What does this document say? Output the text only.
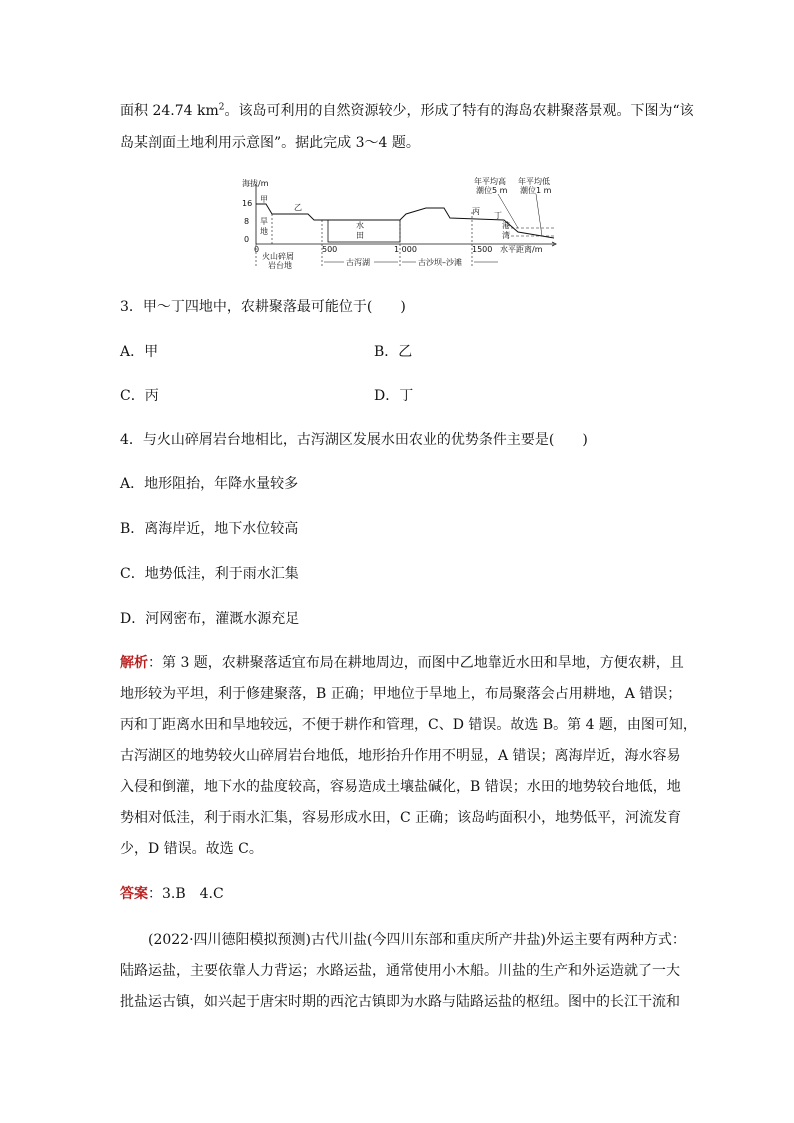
面积 24.74 $km^2$。该岛可利用的自然资源较少，形成了特有的海岛农耕聚落景观。下图为“该
岛某剖面土地利用示意图”。据此完成 3～4 题。
海拔/m
16
8
0
水
田
旱
地
甲
乙	丙 丁
港
湾
年平均高
潮位5 m
年平均低
潮位1 m
0	500	1 000	1500 水平距离/m
火山碎屑
岩台地	古泻湖	古沙坝–沙滩
3．甲～丁四地中，农耕聚落最可能位于(　　)
A．甲	B．乙
C．丙	D．丁
4．与火山碎屑岩台地相比，古泻湖区发展水田农业的优势条件主要是(　　)
A．地形阻抬，年降水量较多
B．离海岸近，地下水位较高
C．地势低洼，利于雨水汇集
D．河网密布，灌溉水源充足
解析：第 3 题，农耕聚落适宜布局在耕地周边，而图中乙地靠近水田和旱地，方便农耕，且
地形较为平坦，利于修建聚落，B 正确；甲地位于旱地上，布局聚落会占用耕地，A 错误；
丙和丁距离水田和旱地较远，不便于耕作和管理，C、D 错误。故选 B。第 4 题，由图可知，
古泻湖区的地势较火山碎屑岩台地低，地形抬升作用不明显，A 错误；离海岸近，海水容易
入侵和倒灌，地下水的盐度较高，容易造成土壤盐碱化，B 错误；水田的地势较台地低，地
势相对低洼，利于雨水汇集，容易形成水田，C 正确；该岛屿面积小，地势低平，河流发育
少，D 错误。故选 C。
答案：3.B　4.C
(2022·四川德阳模拟预测)古代川盐(今四川东部和重庆所产井盐)外运主要有两种方式：
陆路运盐，主要依靠人力背运；水路运盐，通常使用小木船。川盐的生产和外运造就了一大
批盐运古镇，如兴起于唐宋时期的西沱古镇即为水路与陆路运盐的枢纽。图中的长江干流和
